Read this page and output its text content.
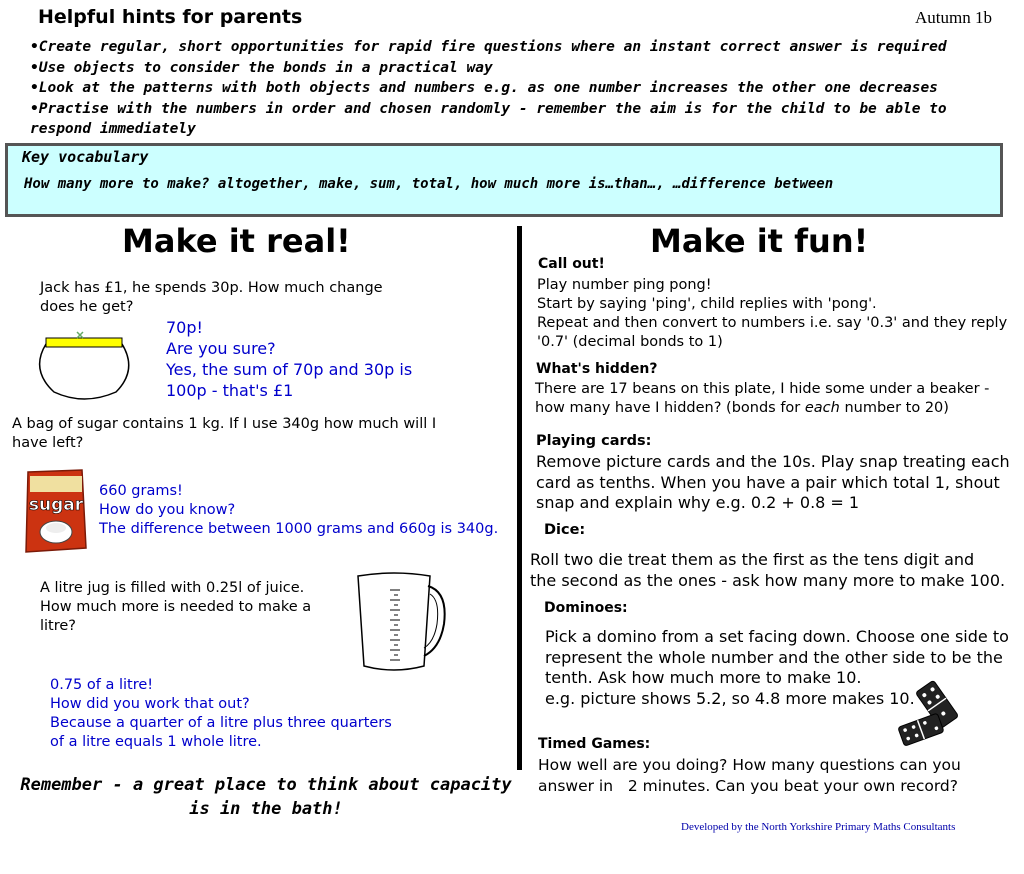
Helpful hints for parents	Autumn 1b
• Create regular, short opportunities for rapid fire questions where an instant correct answer is required
• Use objects to consider the bonds in a practical way
• Look at the patterns with both objects and numbers e.g. as one number increases the other one decreases
• Practise with the numbers in order and chosen randomly - remember the aim is for the child to be able to respond immediately
Key vocabulary
How many more to make? altogether, make, sum, total, how much more is…than…, …difference between
Make it real!
Jack has £1, he spends 30p. How much change does he get?
70p!
Are you sure?
Yes, the sum of 70p and 30p is
100p - that's £1
A bag of sugar contains 1 kg. If I use 340g how much will I have left?
sugar
660 grams!
How do you know?
The difference between 1000 grams and 660g is 340g.
A litre jug is filled with 0.25l of juice.
How much more is needed to make a
litre?
0.75 of a litre!
How did you work that out?
Because a quarter of a litre plus three quarters
of a litre equals 1 whole litre.
Remember - a great place to think about capacity is in the bath!
Make it fun!
Call out!
Play number ping pong!
Start by saying 'ping', child replies with 'pong'.
Repeat and then convert to numbers i.e. say '0.3' and they reply
'0.7' (decimal bonds to 1)
What's hidden?
There are 17 beans on this plate, I hide some under a beaker -
how many have I hidden? (bonds for each number to 20)
Playing cards:
Remove picture cards and the 10s. Play snap treating each
card as tenths. When you have a pair which total 1, shout
snap and explain why e.g. 0.2 + 0.8 = 1
Dice:
Roll two die treat them as the first as the tens digit and
the second as the ones - ask how many more to make 100.
Dominoes:
Pick a domino from a set facing down. Choose one side to
represent the whole number and the other side to be the
tenth. Ask how much more to make 10.
e.g. picture shows 5.2, so 4.8 more makes 10.
Timed Games:
How well are you doing? How many questions can you
answer in   2 minutes. Can you beat your own record?
Developed by the North Yorkshire Primary Maths Consultants
